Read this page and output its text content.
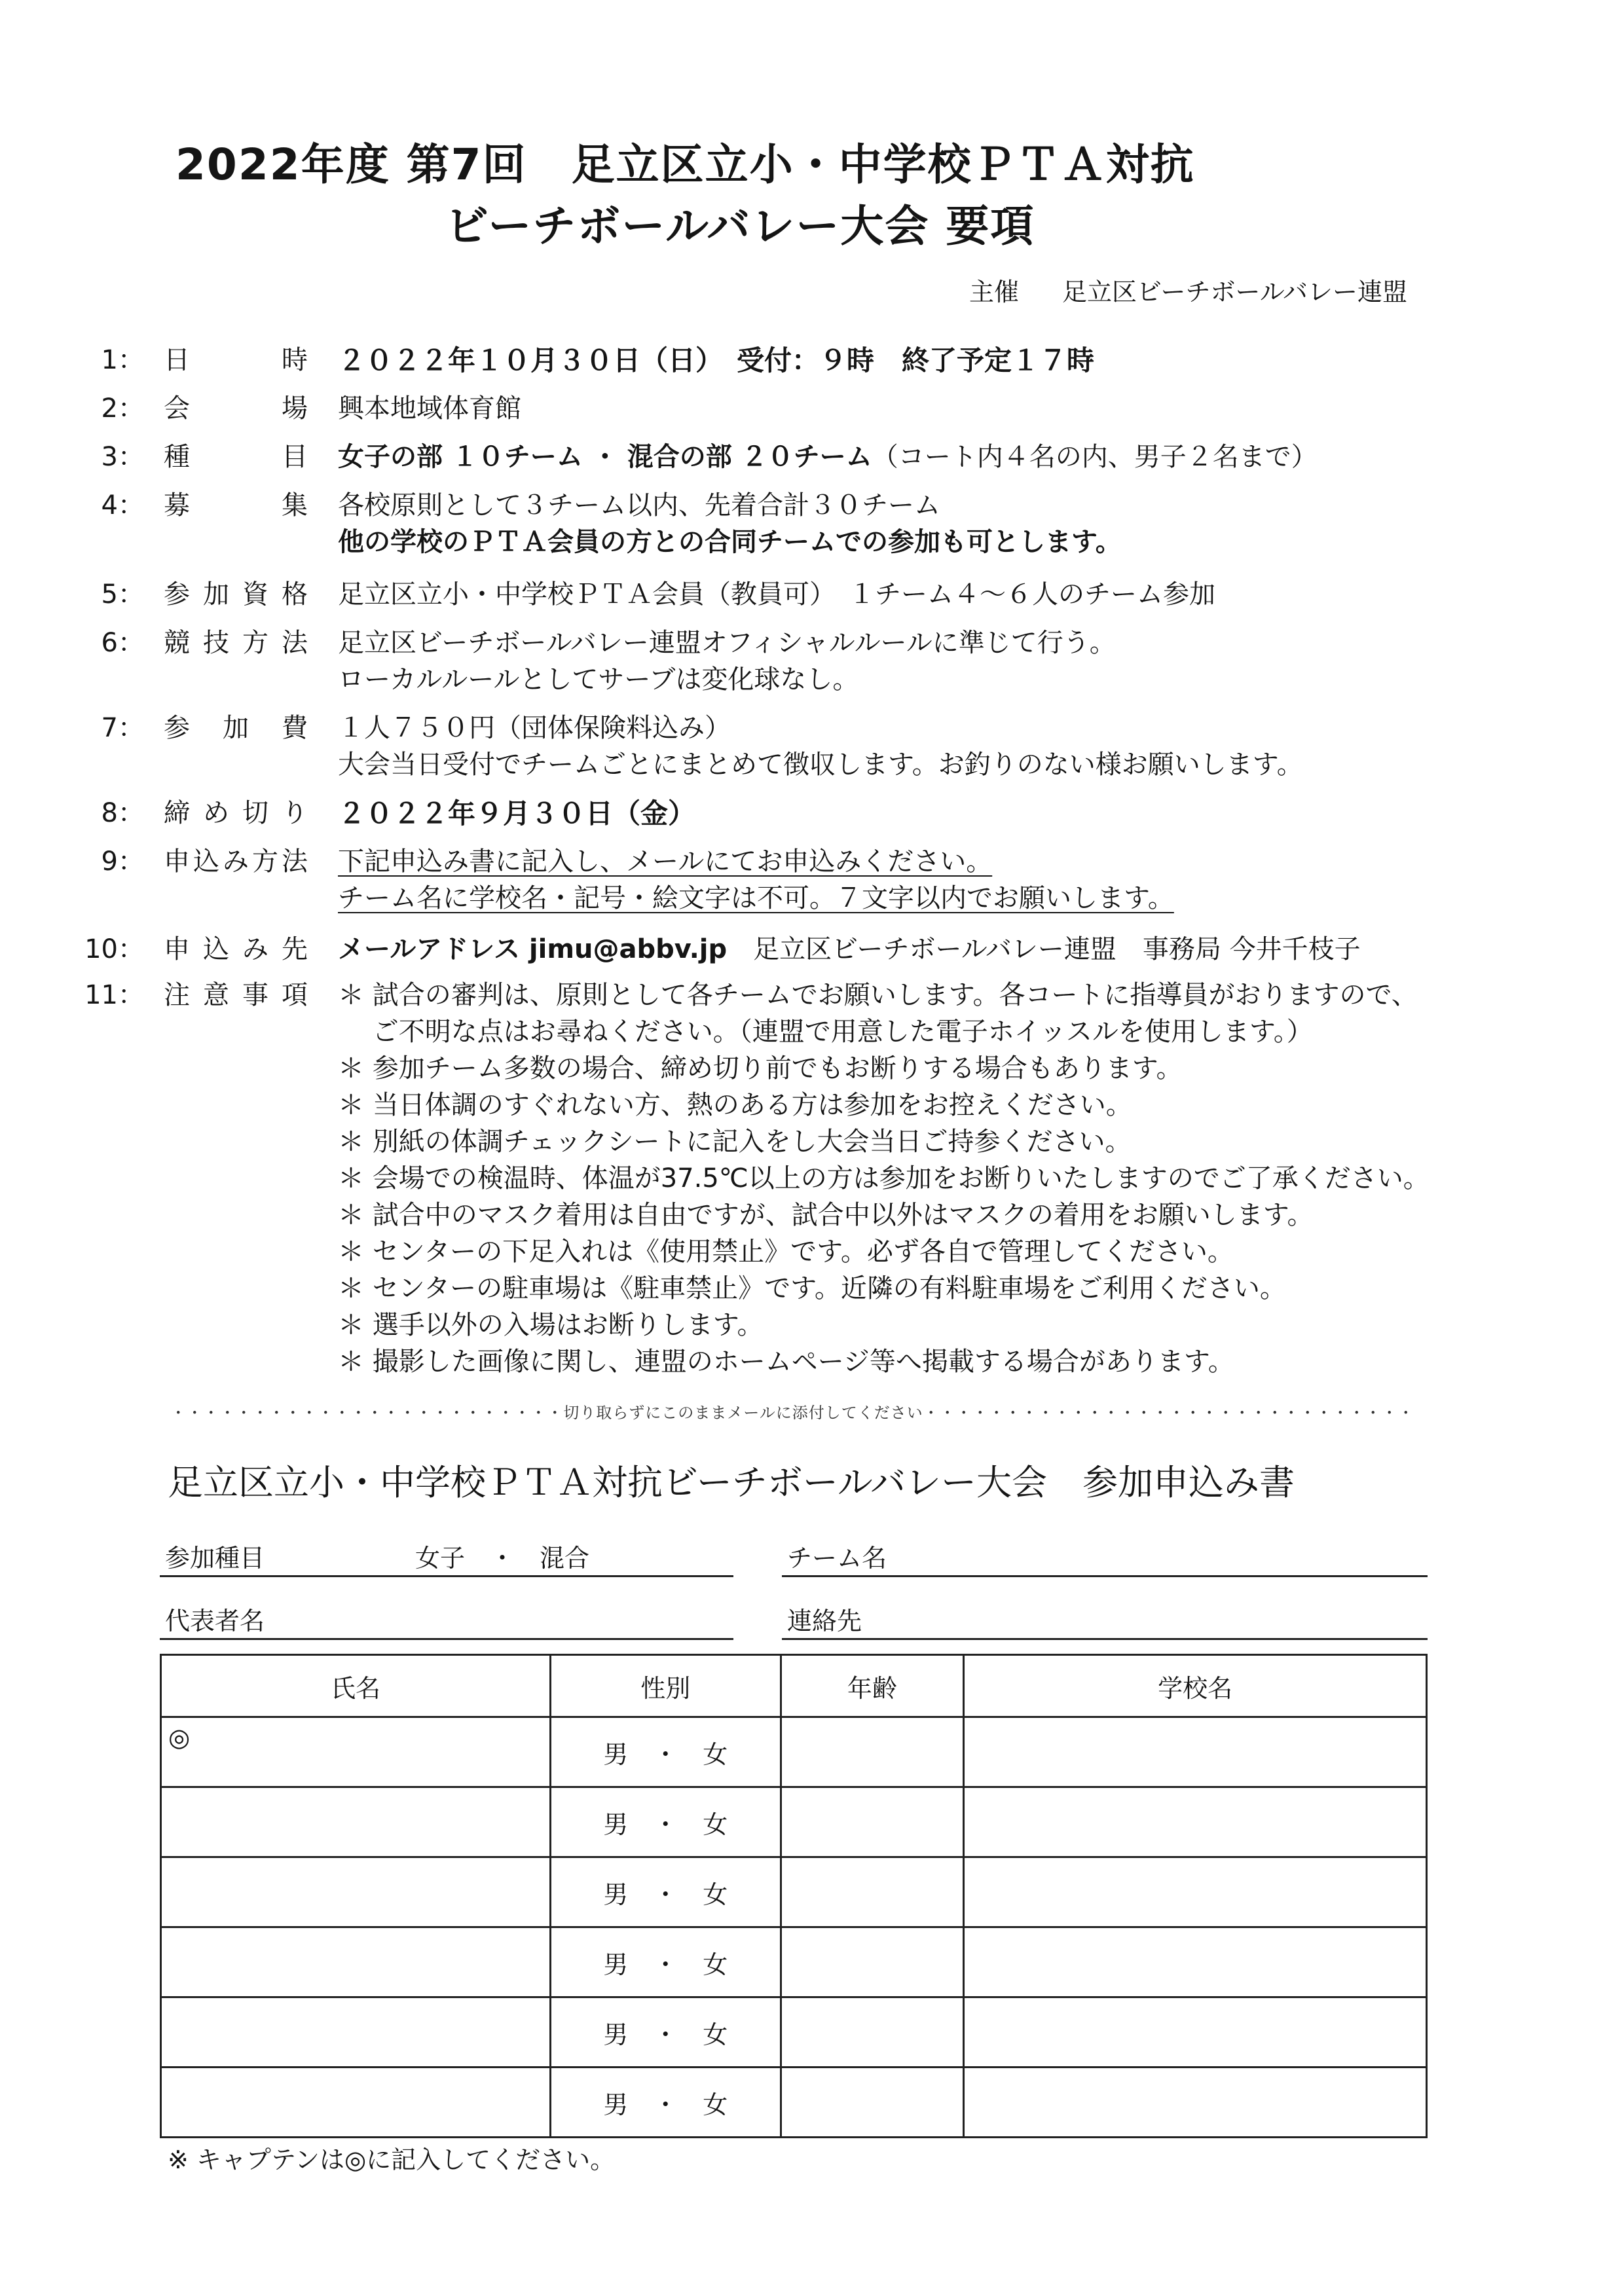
2022年度 第7回　足立区立小・中学校ＰＴＡ対抗
ビーチボールバレー大会 要項
主催 足立区ビーチボールバレー連盟
1： 日	時 ２０２２年１０月３０日（日）　受付：９時　終了予定１７時
2： 会	場 興本地域体育館
3： 種	目 女子の部 １０チーム ・ 混合の部 ２０チーム（コート内４名の内、男子２名まで）
4： 募	集 各校原則として３チーム以内、先着合計３０チーム
他の学校のＰＴＡ会員の方との合同チームでの参加も可とします。
5： 参 加 資 格 足立区立小・中学校ＰＴＡ会員（教員可）　１チーム４～６人のチーム参加
6： 競 技 方 法 足立区ビーチボールバレー連盟オフィシャルルールに準じて行う。
ローカルルールとしてサーブは変化球なし。
7： 参 加 費 １人７５０円（団体保険料込み）
大会当日受付でチームごとにまとめて徴収します。お釣りのない様お願いします。
8： 締 め 切 り ２０２２年９月３０日（金）
9： 申 込 み 方 法 下記申込み書に記入し、メールにてお申込みください。
チーム名に学校名・記号・絵文字は不可。７文字以内でお願いします。
10： 申 込 み 先 メールアドレス jimu@abbv.jp　足立区ビーチボールバレー連盟　事務局 今井千枝子
11： 注 意 事 項 ＊ 試合の審判は、原則として各チームでお願いします。各コートに指導員がおりますので、
　 ご不明な点はお尋ねください。（連盟で用意した電子ホイッスルを使用します。）
＊ 参加チーム多数の場合、締め切り前でもお断りする場合もあります。
＊ 当日体調のすぐれない方、熱のある方は参加をお控えください。
＊ 別紙の体調チェックシートに記入をし大会当日ご持参ください。
＊ 会場での検温時、体温が37.5℃以上の方は参加をお断りいたしますのでご了承ください。
＊ 試合中のマスク着用は自由ですが、試合中以外はマスクの着用をお願いします。
＊ センターの下足入れは《使用禁止》です。必ず各自で管理してください。
＊ センターの駐車場は《駐車禁止》です。近隣の有料駐車場をご利用ください。
＊ 選手以外の入場はお断りします。
＊ 撮影した画像に関し、連盟のホームページ等へ掲載する場合があります。
・・・・・・・・・・・・・・・・・・・・・・・・切り取らずにこのままメールに添付してください・・・・・・・・・・・・・・・・・・・・・・・・・・・・・・
足立区立小・中学校ＰＴＡ対抗ビーチボールバレー大会　参加申込み書
参加種目	女子　・　混合	チーム名
代表者名	連絡先
氏名	性別	年齢	学校名

◎	男　・　女		
	男　・　女		
	男　・　女		
	男　・　女		
	男　・　女		
	男　・　女		
※ キャプテンは◎に記入してください。
